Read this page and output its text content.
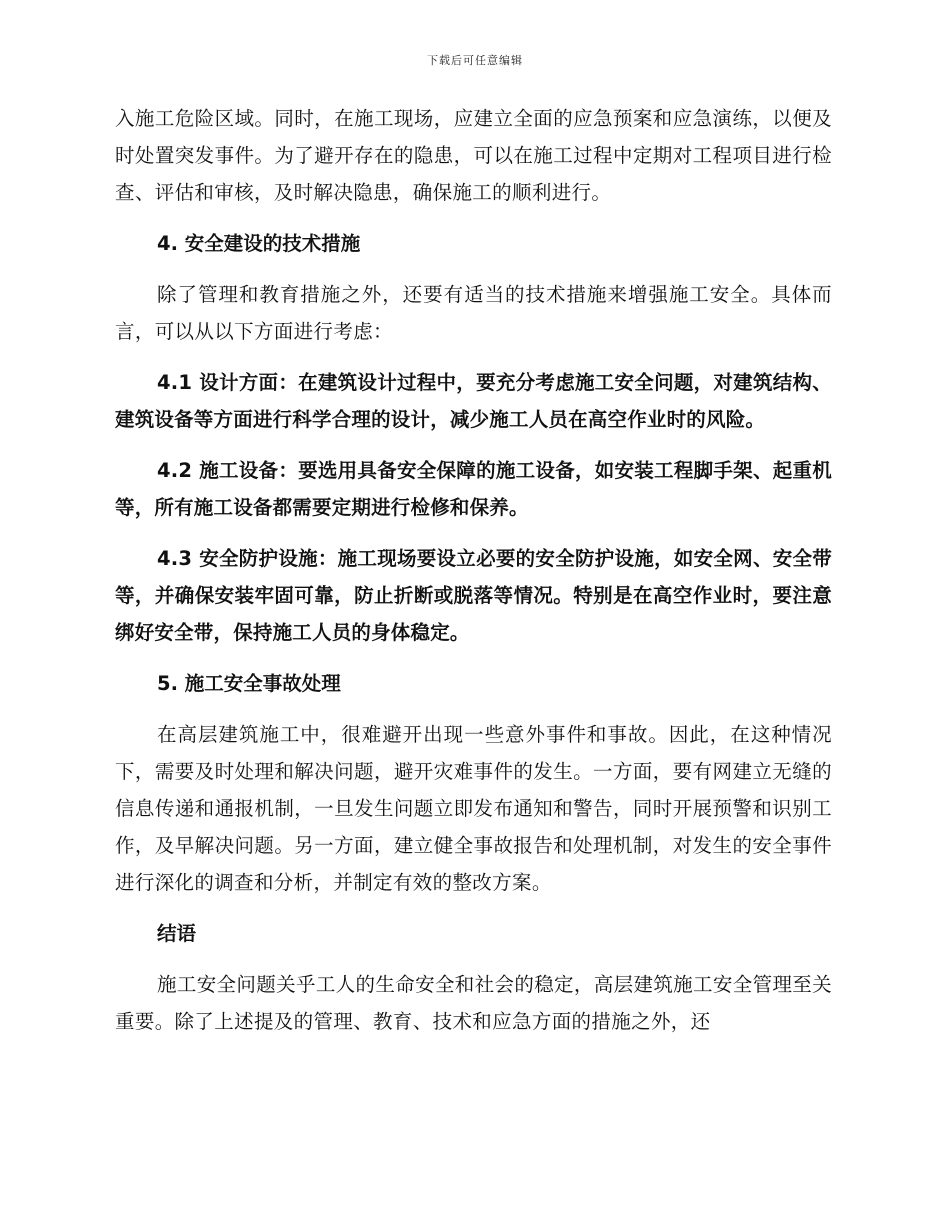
下载后可任意编辑

入施工危险区域。同时，在施工现场，应建立全面的应急预案和应急演练，以便及时处置突发事件。为了避开存在的隐患，可以在施工过程中定期对工程项目进行检查、评估和审核，及时解决隐患，确保施工的顺利进行。

4. 安全建设的技术措施

除了管理和教育措施之外，还要有适当的技术措施来增强施工安全。具体而言，可以从以下方面进行考虑：

4.1 设计方面：在建筑设计过程中，要充分考虑施工安全问题，对建筑结构、建筑设备等方面进行科学合理的设计，减少施工人员在高空作业时的风险。

4.2 施工设备：要选用具备安全保障的施工设备，如安装工程脚手架、起重机等，所有施工设备都需要定期进行检修和保养。

4.3 安全防护设施：施工现场要设立必要的安全防护设施，如安全网、安全带等，并确保安装牢固可靠，防止折断或脱落等情况。特别是在高空作业时，要注意绑好安全带，保持施工人员的身体稳定。

5. 施工安全事故处理

在高层建筑施工中，很难避开出现一些意外事件和事故。因此，在这种情况下，需要及时处理和解决问题，避开灾难事件的发生。一方面，要有网建立无缝的信息传递和通报机制，一旦发生问题立即发布通知和警告，同时开展预警和识别工作，及早解决问题。另一方面，建立健全事故报告和处理机制，对发生的安全事件进行深化的调查和分析，并制定有效的整改方案。

结语

施工安全问题关乎工人的生命安全和社会的稳定，高层建筑施工安全管理至关重要。除了上述提及的管理、教育、技术和应急方面的措施之外，还
